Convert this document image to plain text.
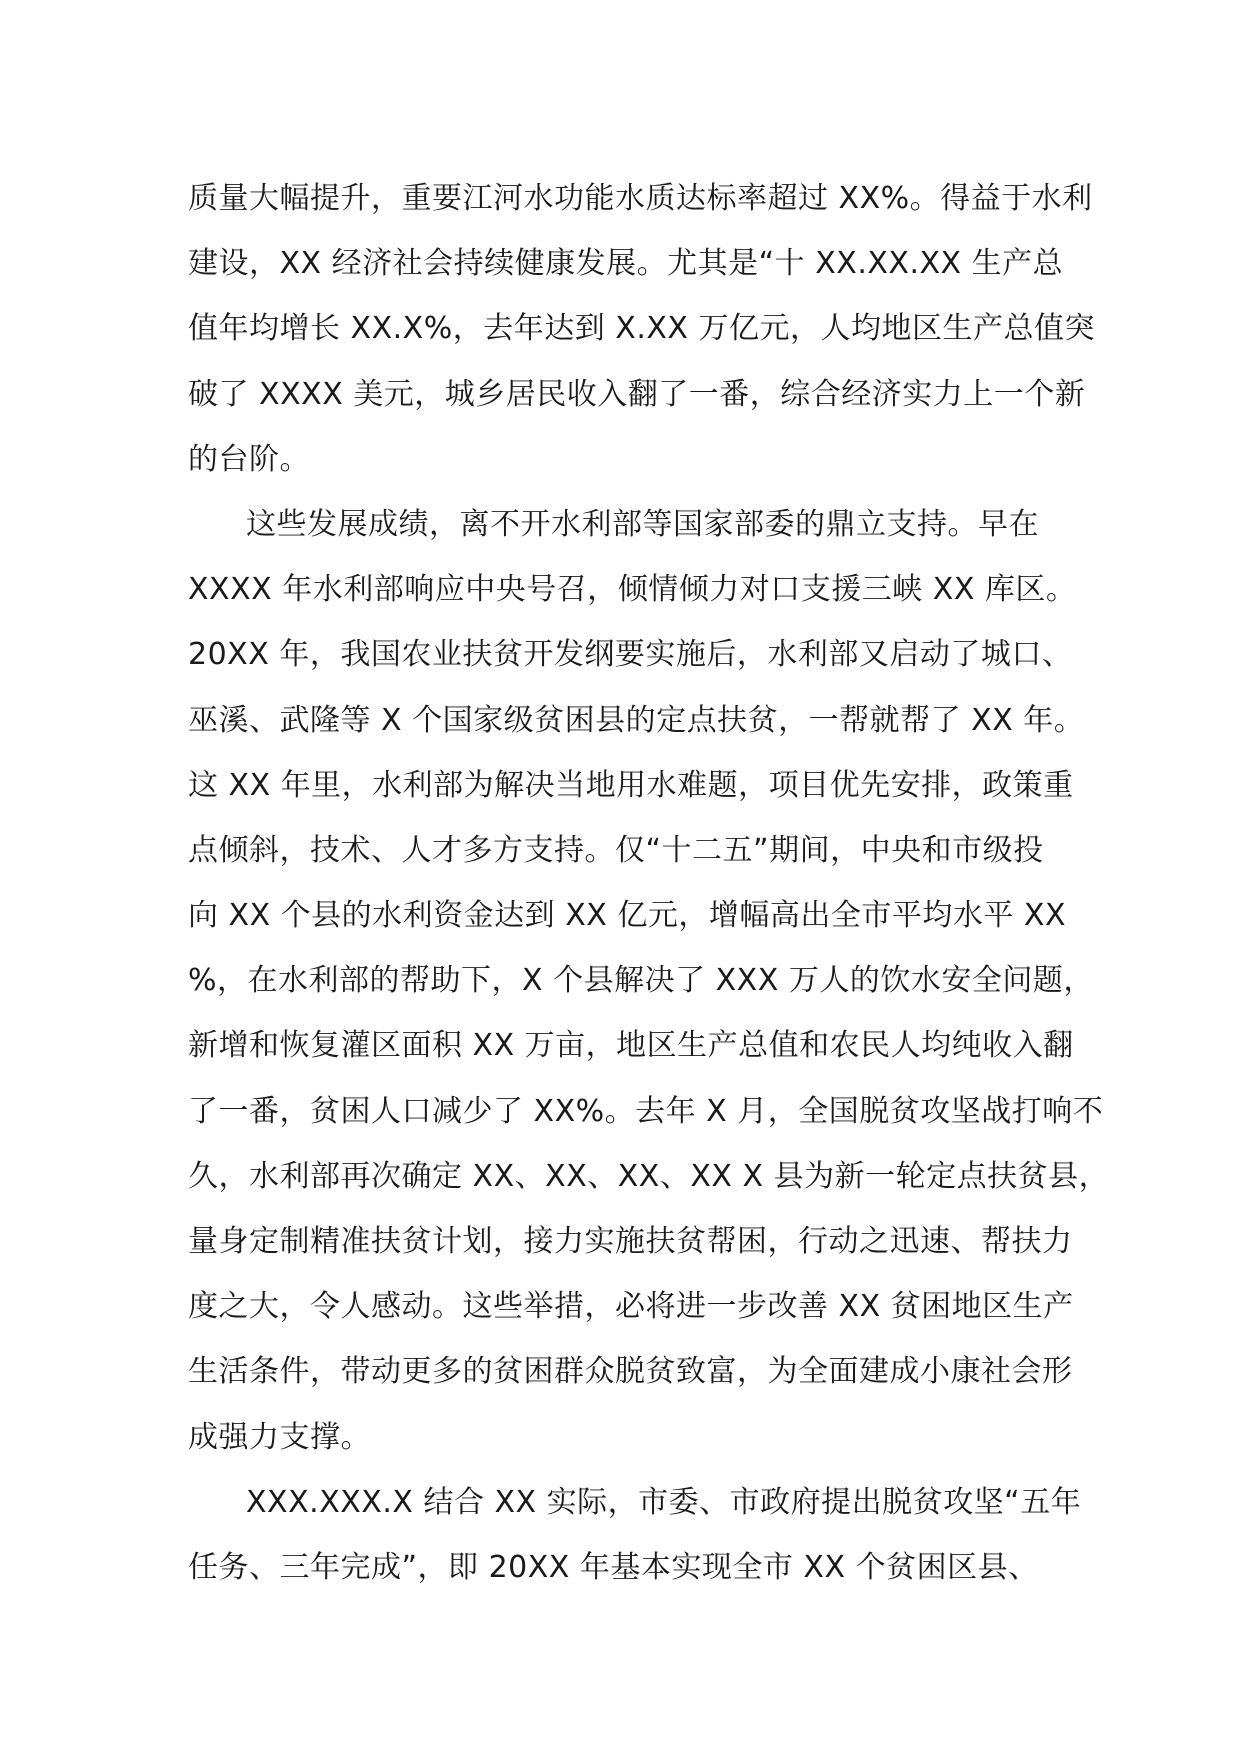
质量大幅提升，重要江河水功能水质达标率超过 XX%。得益于水利
建设，XX 经济社会持续健康发展。尤其是“十 XX.XX.XX 生产总
值年均增长 XX.X%，去年达到 X.XX 万亿元，人均地区生产总值突
破了 XXXX 美元，城乡居民收入翻了一番，综合经济实力上一个新
的台阶。
这些发展成绩，离不开水利部等国家部委的鼎立支持。早在
XXXX 年水利部响应中央号召，倾情倾力对口支援三峡 XX 库区。
20XX 年，我国农业扶贫开发纲要实施后，水利部又启动了城口、
巫溪、武隆等 X 个国家级贫困县的定点扶贫，一帮就帮了 XX 年。
这 XX 年里，水利部为解决当地用水难题，项目优先安排，政策重
点倾斜，技术、人才多方支持。仅“十二五”期间，中央和市级投
向 XX 个县的水利资金达到 XX 亿元，增幅高出全市平均水平 XX
%，在水利部的帮助下，X 个县解决了 XXX 万人的饮水安全问题，
新增和恢复灌区面积 XX 万亩，地区生产总值和农民人均纯收入翻
了一番，贫困人口减少了 XX%。去年 X 月，全国脱贫攻坚战打响不
久，水利部再次确定 XX、XX、XX、XX X 县为新一轮定点扶贫县，
量身定制精准扶贫计划，接力实施扶贫帮困，行动之迅速、帮扶力
度之大，令人感动。这些举措，必将进一步改善 XX 贫困地区生产
生活条件，带动更多的贫困群众脱贫致富，为全面建成小康社会形
成强力支撑。
XXX.XXX.X 结合 XX 实际，市委、市政府提出脱贫攻坚“五年
任务、三年完成”，即 20XX 年基本实现全市 XX 个贫困区县、
